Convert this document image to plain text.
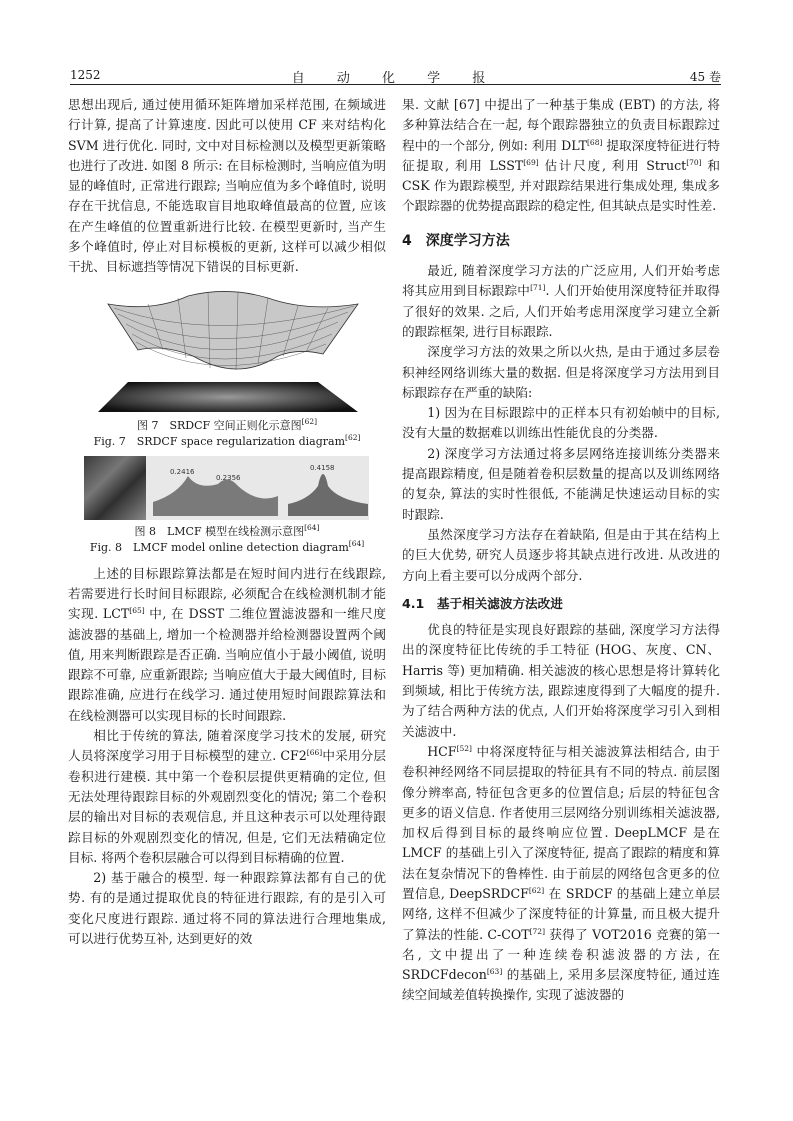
1252	自 动 化 学 报	45 卷

思想出现后, 通过使用循环矩阵增加采样范围, 在频域进行计算, 提高了计算速度. 因此可以使用 CF 来对结构化 SVM 进行优化. 同时, 文中对目标检测以及模型更新策略也进行了改进. 如图 8 所示: 在目标检测时, 当响应值为明显的峰值时, 正常进行跟踪; 当响应值为多个峰值时, 说明存在干扰信息, 不能选取盲目地取峰值最高的位置, 应该在产生峰值的位置重新进行比较. 在模型更新时, 当产生多个峰值时, 停止对目标模板的更新, 这样可以减少相似干扰、目标遮挡等情况下错误的目标更新.

图 7　SRDCF 空间正则化示意图[62]
Fig. 7　SRDCF space regularization diagram[62]
0.2416
0.2356
0.4158
图 8　LMCF 模型在线检测示意图[64]
Fig. 8　LMCF model online detection diagram[64]

上述的目标跟踪算法都是在短时间内进行在线跟踪, 若需要进行长时间目标跟踪, 必须配合在线检测机制才能实现. LCT[65] 中, 在 DSST 二维位置滤波器和一维尺度滤波器的基础上, 增加一个检测器并给检测器设置两个阈值, 用来判断跟踪是否正确. 当响应值小于最小阈值, 说明跟踪不可靠, 应重新跟踪; 当响应值大于最大阈值时, 目标跟踪准确, 应进行在线学习. 通过使用短时间跟踪算法和在线检测器可以实现目标的长时间跟踪.

相比于传统的算法, 随着深度学习技术的发展, 研究人员将深度学习用于目标模型的建立. CF2[66]中采用分层卷积进行建模. 其中第一个卷积层提供更精确的定位, 但无法处理待跟踪目标的外观剧烈变化的情况; 第二个卷积层的输出对目标的表观信息, 并且这种表示可以处理待跟踪目标的外观剧烈变化的情况, 但是, 它们无法精确定位目标. 将两个卷积层融合可以得到目标精确的位置.

2) 基于融合的模型. 每一种跟踪算法都有自己的优势. 有的是通过提取优良的特征进行跟踪, 有的是引入可变化尺度进行跟踪. 通过将不同的算法进行合理地集成, 可以进行优势互补, 达到更好的效

果. 文献 [67] 中提出了一种基于集成 (EBT) 的方法, 将多种算法结合在一起, 每个跟踪器独立的负责目标跟踪过程中的一个部分, 例如: 利用 DLT[68] 提取深度特征进行特征提取, 利用 LSST[69] 估计尺度, 利用 Struct[70] 和 CSK 作为跟踪模型, 并对跟踪结果进行集成处理, 集成多个跟踪器的优势提高跟踪的稳定性, 但其缺点是实时性差.

4　深度学习方法

最近, 随着深度学习方法的广泛应用, 人们开始考虑将其应用到目标跟踪中[71]. 人们开始使用深度特征并取得了很好的效果. 之后, 人们开始考虑用深度学习建立全新的跟踪框架, 进行目标跟踪.

深度学习方法的效果之所以火热, 是由于通过多层卷积神经网络训练大量的数据. 但是将深度学习方法用到目标跟踪存在严重的缺陷:

1) 因为在目标跟踪中的正样本只有初始帧中的目标, 没有大量的数据难以训练出性能优良的分类器.

2) 深度学习方法通过将多层网络连接训练分类器来提高跟踪精度, 但是随着卷积层数量的提高以及训练网络的复杂, 算法的实时性很低, 不能满足快速运动目标的实时跟踪.

虽然深度学习方法存在着缺陷, 但是由于其在结构上的巨大优势, 研究人员逐步将其缺点进行改进. 从改进的方向上看主要可以分成两个部分.

4.1　基于相关滤波方法改进

优良的特征是实现良好跟踪的基础, 深度学习方法得出的深度特征比传统的手工特征 (HOG、灰度、CN、Harris 等) 更加精确. 相关滤波的核心思想是将计算转化到频域, 相比于传统方法, 跟踪速度得到了大幅度的提升. 为了结合两种方法的优点, 人们开始将深度学习引入到相关滤波中.

HCF[52] 中将深度特征与相关滤波算法相结合, 由于卷积神经网络不同层提取的特征具有不同的特点. 前层图像分辨率高, 特征包含更多的位置信息; 后层的特征包含更多的语义信息. 作者使用三层网络分别训练相关滤波器, 加权后得到目标的最终响应位置. DeepLMCF 是在 LMCF 的基础上引入了深度特征, 提高了跟踪的精度和算法在复杂情况下的鲁棒性. 由于前层的网络包含更多的位置信息, DeepSRDCF[62] 在 SRDCF 的基础上建立单层网络, 这样不但减少了深度特征的计算量, 而且极大提升了算法的性能. C-COT[72] 获得了 VOT2016 竞赛的第一名, 文中提出了一种连续卷积滤波器的方法, 在 SRDCFdecon[63] 的基础上, 采用多层深度特征, 通过连续空间域差值转换操作, 实现了滤波器的
